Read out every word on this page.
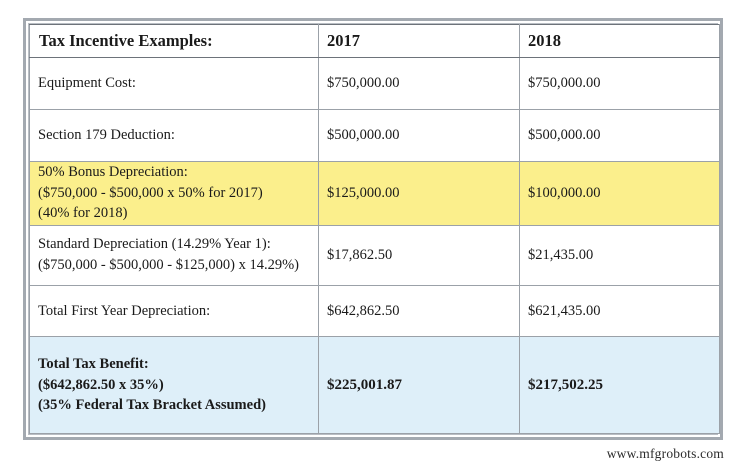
Tax Incentive Examples:	2017	2018

Equipment Cost:	$750,000.00	$750,000.00

Section 179 Deduction:	$500,000.00	$500,000.00

50% Bonus Depreciation:
($750,000 - $500,000 x 50% for 2017)
(40% for 2018)	$125,000.00	$100,000.00

Standard Depreciation (14.29% Year 1):
($750,000 - $500,000 - $125,000) x 14.29%)	$17,862.50	$21,435.00

Total First Year Depreciation:	$642,862.50	$621,435.00

Total Tax Benefit:
($642,862.50 x 35%)
(35% Federal Tax Bracket Assumed)	$225,001.87	$217,502.25
www.mfgrobots.com
